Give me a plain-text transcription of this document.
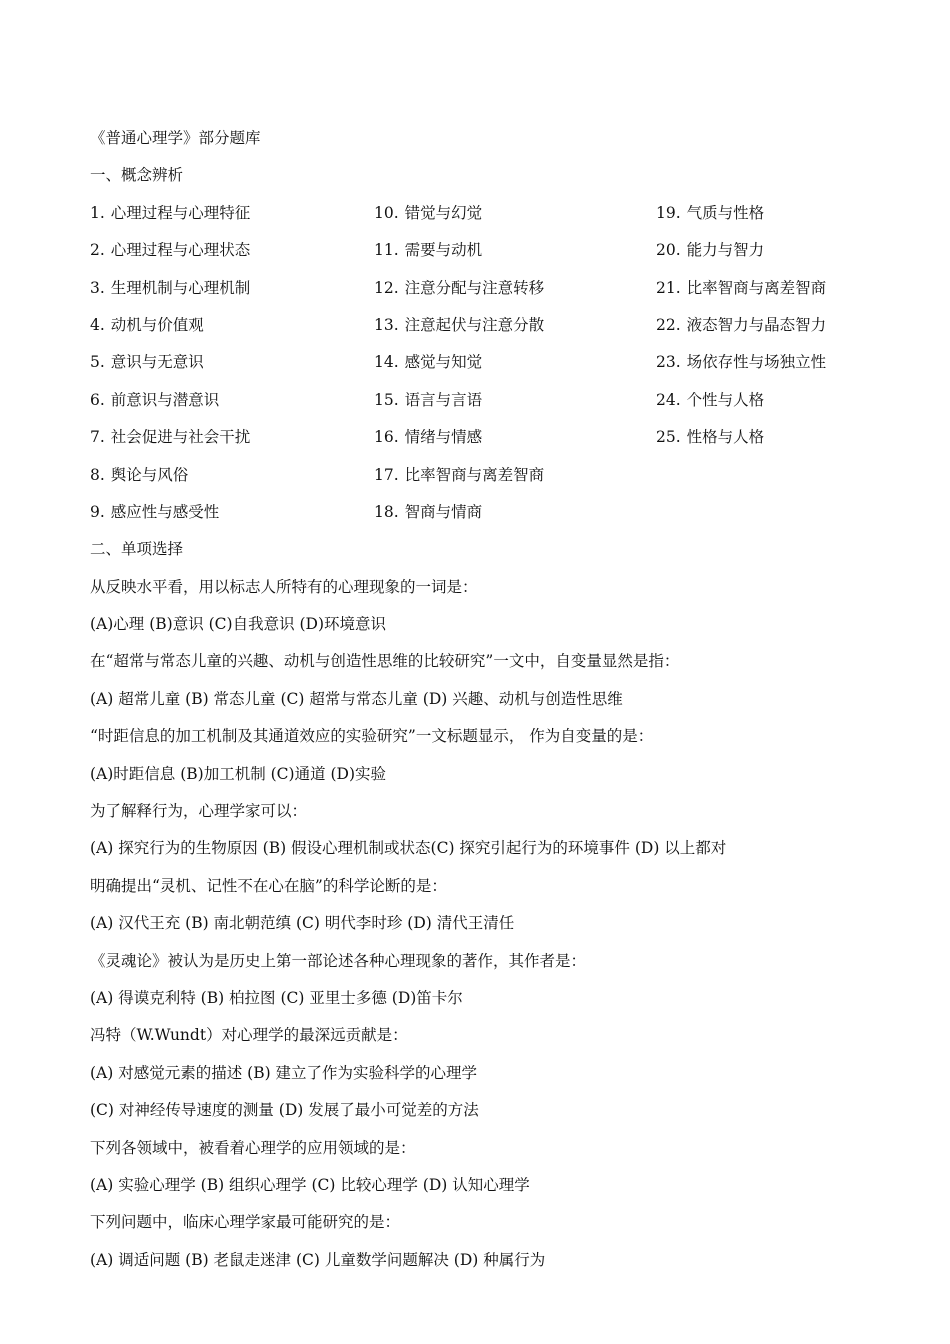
《普通心理学》部分题库
一、概念辨析
1. 心理过程与心理特征	10. 错觉与幻觉	19. 气质与性格
2. 心理过程与心理状态	11. 需要与动机	20. 能力与智力
3. 生理机制与心理机制	12. 注意分配与注意转移	21. 比率智商与离差智商
4. 动机与价值观	13. 注意起伏与注意分散	22. 液态智力与晶态智力
5. 意识与无意识	14. 感觉与知觉	23. 场依存性与场独立性
6. 前意识与潜意识	15. 语言与言语	24. 个性与人格
7. 社会促进与社会干扰	16. 情绪与情感	25. 性格与人格
8. 舆论与风俗	17. 比率智商与离差智商
9. 感应性与感受性	18. 智商与情商
二、单项选择
从反映水平看，用以标志人所特有的心理现象的一词是：
(A)心理 (B)意识 (C)自我意识 (D)环境意识
在“超常与常态儿童的兴趣、动机与创造性思维的比较研究”一文中，自变量显然是指：
(A) 超常儿童 (B) 常态儿童 (C) 超常与常态儿童 (D) 兴趣、动机与创造性思维
“时距信息的加工机制及其通道效应的实验研究”一文标题显示， 作为自变量的是：
(A)时距信息 (B)加工机制 (C)通道 (D)实验
为了解释行为，心理学家可以：
(A) 探究行为的生物原因 (B) 假设心理机制或状态(C) 探究引起行为的环境事件 (D) 以上都对
明确提出“灵机、记性不在心在脑”的科学论断的是：
(A) 汉代王充 (B) 南北朝范缜 (C) 明代李时珍 (D) 清代王清任
《灵魂论》被认为是历史上第一部论述各种心理现象的著作，其作者是：
(A) 得谟克利特 (B) 柏拉图 (C) 亚里士多德 (D)笛卡尔
冯特（W.Wundt）对心理学的最深远贡献是：
(A) 对感觉元素的描述 (B) 建立了作为实验科学的心理学
(C) 对神经传导速度的测量 (D) 发展了最小可觉差的方法
下列各领域中，被看着心理学的应用领域的是：
(A) 实验心理学 (B) 组织心理学 (C) 比较心理学 (D) 认知心理学
下列问题中，临床心理学家最可能研究的是：
(A) 调适问题 (B) 老鼠走迷津 (C) 儿童数学问题解决 (D) 种属行为
